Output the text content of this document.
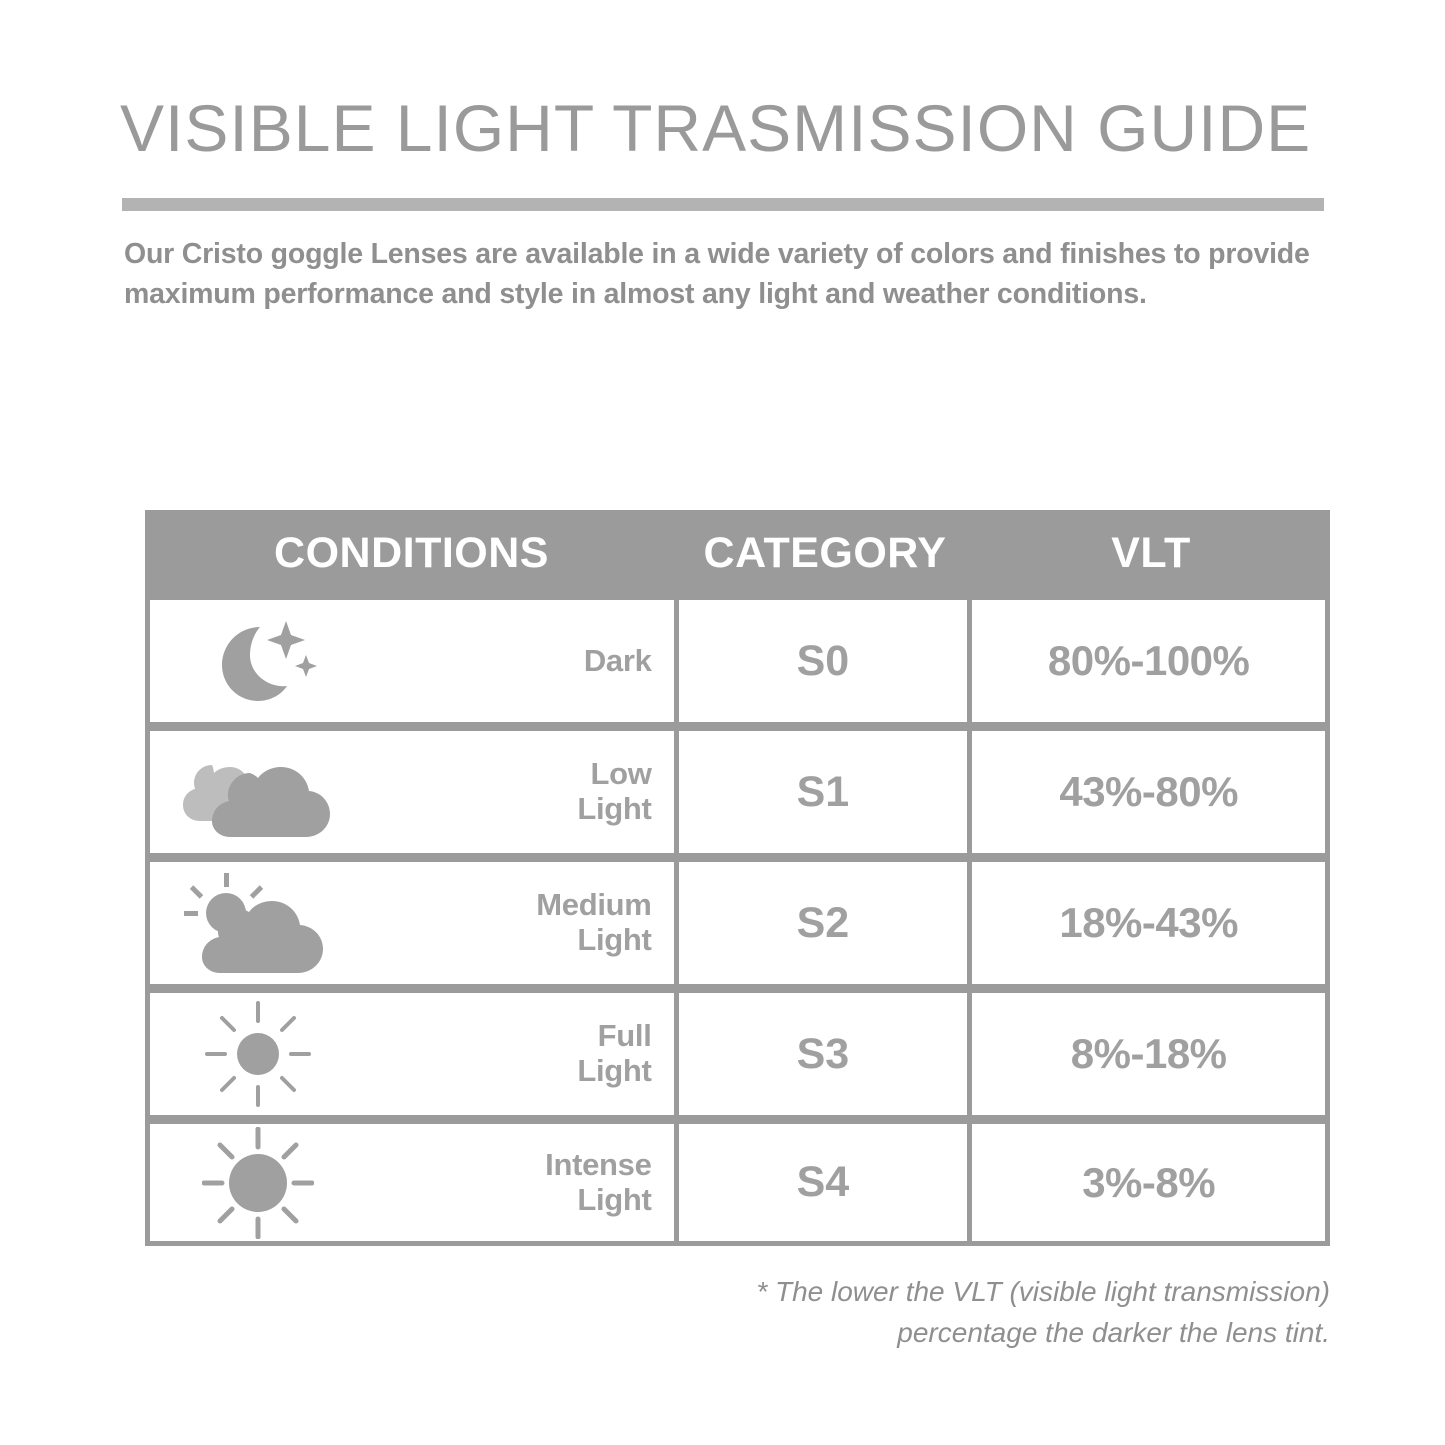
VISIBLE LIGHT TRASMISSION GUIDE
Our Cristo goggle Lenses are available in a wide variety of colors and finishes to provide maximum performance and style in almost any light and weather conditions.
CONDITIONS	CATEGORY	VLT
Dark	S0	80%-100%
Low
Light	S1	43%-80%
Medium
Light	S2	18%-43%
Full
Light	S3	8%-18%
Intense
Light	S4	3%-8%
* The lower the VLT (visible light transmission)
percentage the darker the lens tint.
